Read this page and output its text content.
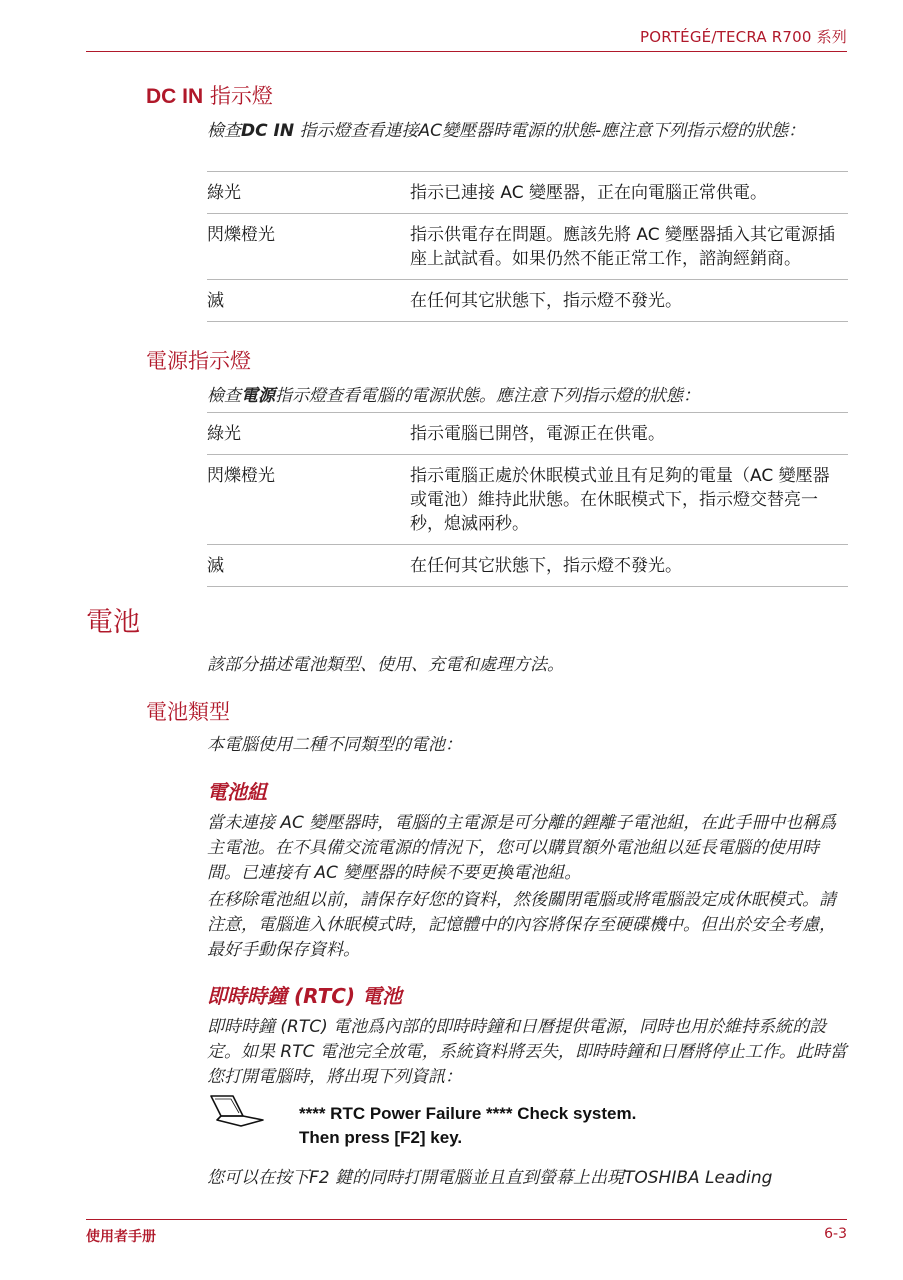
PORTÉGÉ/TECRA R700 系列
DC IN 指示燈
檢查DC IN 指示燈查看連接AC變壓器時電源的狀態-應注意下列指示燈的狀態：
綠光	指示已連接 AC 變壓器，正在向電腦正常供電。
閃爍橙光	指示供電存在問題。應該先將 AC 變壓器插入其它電源插座上試試看。如果仍然不能正常工作，諮詢經銷商。
滅	在任何其它狀態下，指示燈不發光。
電源指示燈
檢查電源指示燈查看電腦的電源狀態。應注意下列指示燈的狀態：
綠光	指示電腦已開啓，電源正在供電。
閃爍橙光	指示電腦正處於休眠模式並且有足夠的電量（AC 變壓器或電池）維持此狀態。在休眠模式下，指示燈交替亮一秒，熄滅兩秒。
滅	在任何其它狀態下，指示燈不發光。
電池
該部分描述電池類型、使用、充電和處理方法。
電池類型
本電腦使用二種不同類型的電池：
電池組
當未連接 AC 變壓器時，電腦的主電源是可分離的鋰離子電池組，在此手冊中也稱爲主電池。在不具備交流電源的情況下，您可以購買額外電池組以延長電腦的使用時間。已連接有 AC 變壓器的時候不要更換電池組。
在移除電池組以前，請保存好您的資料，然後關閉電腦或將電腦設定成休眠模式。請注意，電腦進入休眠模式時，記憶體中的內容將保存至硬碟機中。但出於安全考慮，最好手動保存資料。
即時時鐘 (RTC) 電池
即時時鐘 (RTC) 電池爲內部的即時時鐘和日曆提供電源，同時也用於維持系統的設定。如果 RTC 電池完全放電，系統資料將丟失，即時時鐘和日曆將停止工作。此時當您打開電腦時，將出現下列資訊：
**** RTC Power Failure **** Check system.
Then press [F2] key.
您可以在按下F2 鍵的同時打開電腦並且直到螢幕上出現TOSHIBA Leading
使用者手册	6-3
